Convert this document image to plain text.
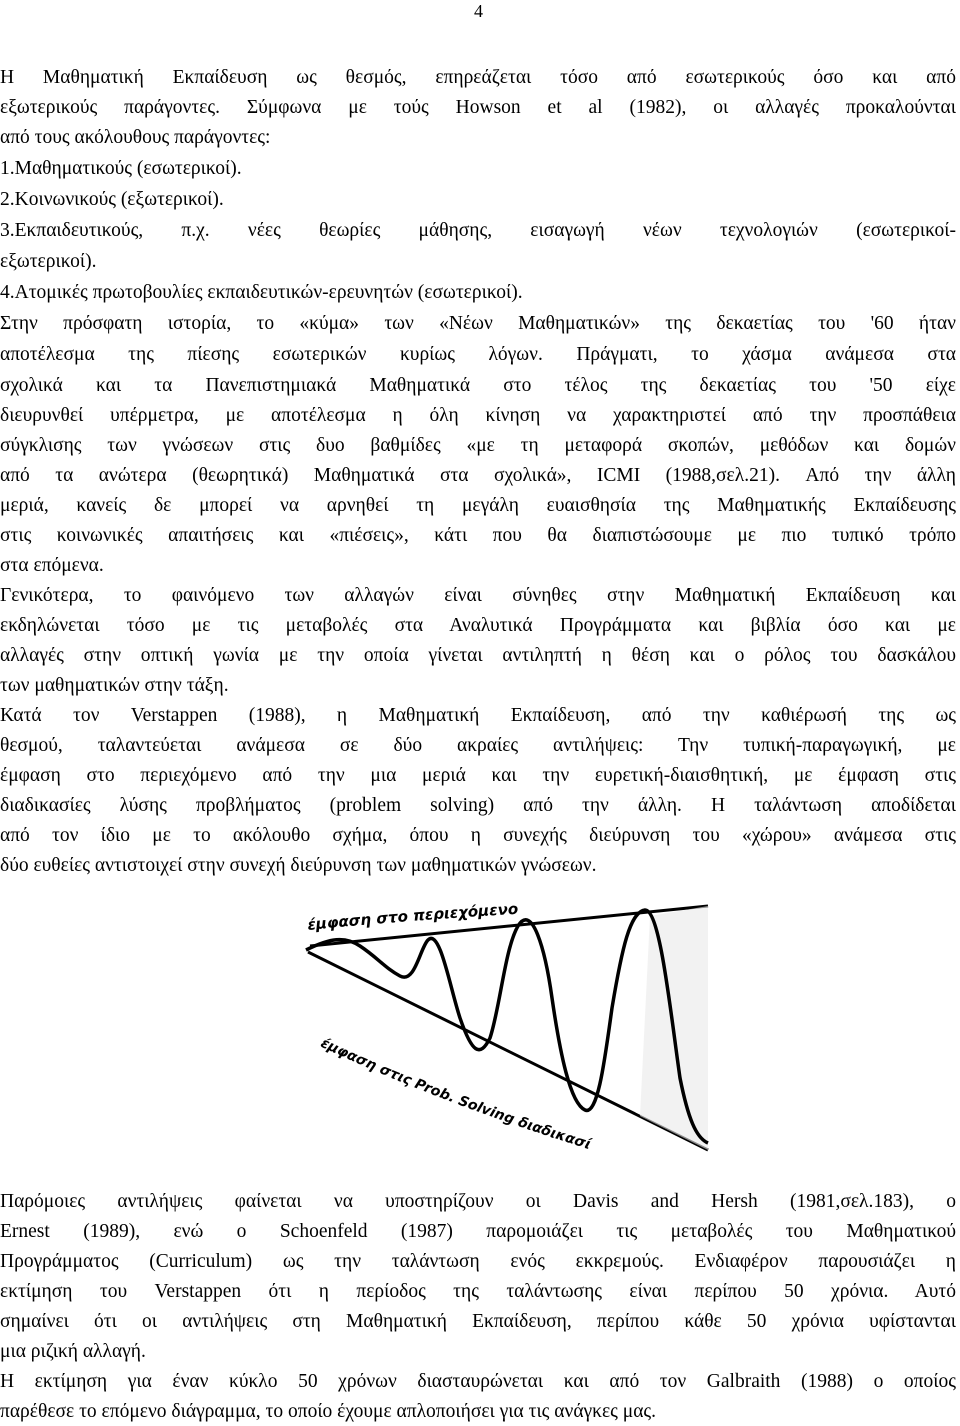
4
Η Μαθηματική Εκπαίδευση ως θεσμός, επηρεάζεται τόσο από εσωτερικούς όσο και από
εξωτερικούς παράγοντες. Σύμφωνα με τούς Howson et al (1982), οι αλλαγές προκαλούνται
από τους ακόλουθους παράγοντες:
1.Μαθηματικούς (εσωτερικοί).
2.Κοινωνικούς (εξωτερικοί).
3.Εκπαιδευτικούς, π.χ. νέες θεωρίες μάθησης, εισαγωγή νέων τεχνολογιών (εσωτερικοί-
εξωτερικοί).
4.Ατομικές πρωτοβουλίες εκπαιδευτικών-ερευνητών (εσωτερικοί).
Στην πρόσφατη ιστορία, το «κύμα» των «Νέων Μαθηματικών» της δεκαετίας του '60 ήταν
αποτέλεσμα της πίεσης εσωτερικών κυρίως λόγων. Πράγματι, το χάσμα ανάμεσα στα
σχολικά και τα Πανεπιστημιακά Μαθηματικά στο τέλος της δεκαετίας του '50 είχε
διευρυνθεί υπέρμετρα, με αποτέλεσμα η όλη κίνηση να χαρακτηριστεί από την προσπάθεια
σύγκλισης των γνώσεων στις δυο βαθμίδες «με τη μεταφορά σκοπών, μεθόδων και δομών
από τα ανώτερα (θεωρητικά) Μαθηματικά στα σχολικά», ICMI (1988,σελ.21). Από την άλλη
μεριά, κανείς δε μπορεί να αρνηθεί τη μεγάλη ευαισθησία της Μαθηματικής Εκπαίδευσης
στις κοινωνικές απαιτήσεις και «πιέσεις», κάτι που θα διαπιστώσουμε με πιο τυπικό τρόπο
στα επόμενα.
Γενικότερα, το φαινόμενο των αλλαγών είναι σύνηθες στην Μαθηματική Εκπαίδευση και
εκδηλώνεται τόσο με τις μεταβολές στα Αναλυτικά Προγράμματα και βιβλία όσο και με
αλλαγές στην οπτική γωνία με την οποία γίνεται αντιληπτή η θέση και ο ρόλος του δασκάλου
των μαθηματικών στην τάξη.
Κατά τον Verstappen (1988), η Μαθηματική Εκπαίδευση, από την καθιέρωσή της ως
θεσμού, ταλαντεύεται ανάμεσα σε δύο ακραίες αντιλήψεις: Την τυπική-παραγωγική, με
έμφαση στο περιεχόμενο από την μια μεριά και την ευρετική-διαισθητική, με έμφαση στις
διαδικασίες λύσης προβλήματος (problem solving) από την άλλη. Η ταλάντωση αποδίδεται
από τον ίδιο με το ακόλουθο σχήμα, όπου η συνεχής διεύρυνση του «χώρου» ανάμεσα στις
δύο ευθείες αντιστοιχεί στην συνεχή διεύρυνση των μαθηματικών γνώσεων.
έμφαση στο περιεχόμενο
έμφαση στις Prob. Solving διαδικασί
Παρόμοιες αντιλήψεις φαίνεται να υποστηρίζουν οι Davis and Hersh (1981,σελ.183), ο
Ernest (1989), ενώ ο Schoenfeld (1987) παρομοιάζει τις μεταβολές του Μαθηματικού
Προγράμματος (Curriculum) ως την ταλάντωση ενός εκκρεμούς. Ενδιαφέρον παρουσιάζει η
εκτίμηση του Verstappen ότι η περίοδος της ταλάντωσης είναι περίπου 50 χρόνια. Αυτό
σημαίνει ότι οι αντιλήψεις στη Μαθηματική Εκπαίδευση, περίπου κάθε 50 χρόνια υφίστανται
μια ριζική αλλαγή.
Η εκτίμηση για έναν κύκλο 50 χρόνων διασταυρώνεται και από τον Galbraith (1988) ο οποίος
παρέθεσε το επόμενο διάγραμμα, το οποίο έχουμε απλοποιήσει για τις ανάγκες μας.
